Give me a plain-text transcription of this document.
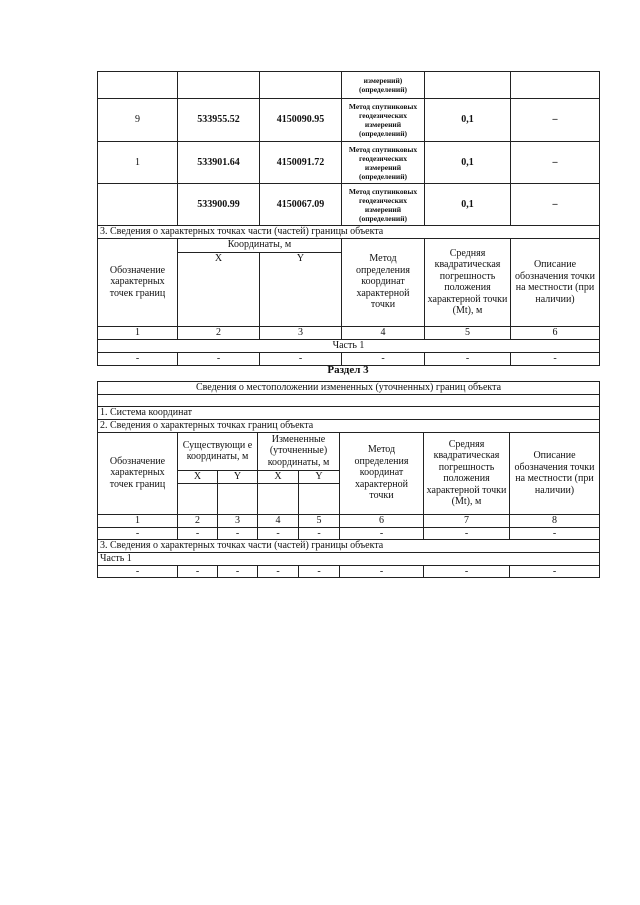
			измерений) (определений)		
9	533955.52	4150090.95	Метод спутниковых геодезических измерений (определений)	0,1	–
1	533901.64	4150091.72	Метод спутниковых геодезических измерений (определений)	0,1	–
	533900.99	4150067.09	Метод спутниковых геодезических измерений (определений)	0,1	–
3. Сведения о характерных точках части (частей) границы объекта					
Обозначение характерных точек границ	Координаты, м		Метод определения координат характерной точки	Средняя квадратическая погрешность положения характерной точки (Mt), м	Описание обозначения точки на местности (при наличии)
	X	Y			
1	2	3	4	5	6
Часть 1					
-	-	-	-	-	-
Раздел 3
Сведения о местоположении измененных (уточненных) границ объекта							

1. Система координат							
2. Сведения о характерных точках границ объекта							
Обозначение характерных точек границ	Существующи е координаты, м		Измененные (уточненные) координаты, м		Метод определения координат характерной точки	Средняя квадратическая погрешность положения характерной точки (Mt), м	Описание обозначения точки на местности (при наличии)
	X	Y	X	Y			

1	2	3	4	5	6	7	8
-	-	-	-	-	-	-	-
3. Сведения о характерных точках части (частей) границы объекта							
Часть 1							
-	-	-	-	-	-	-	-
